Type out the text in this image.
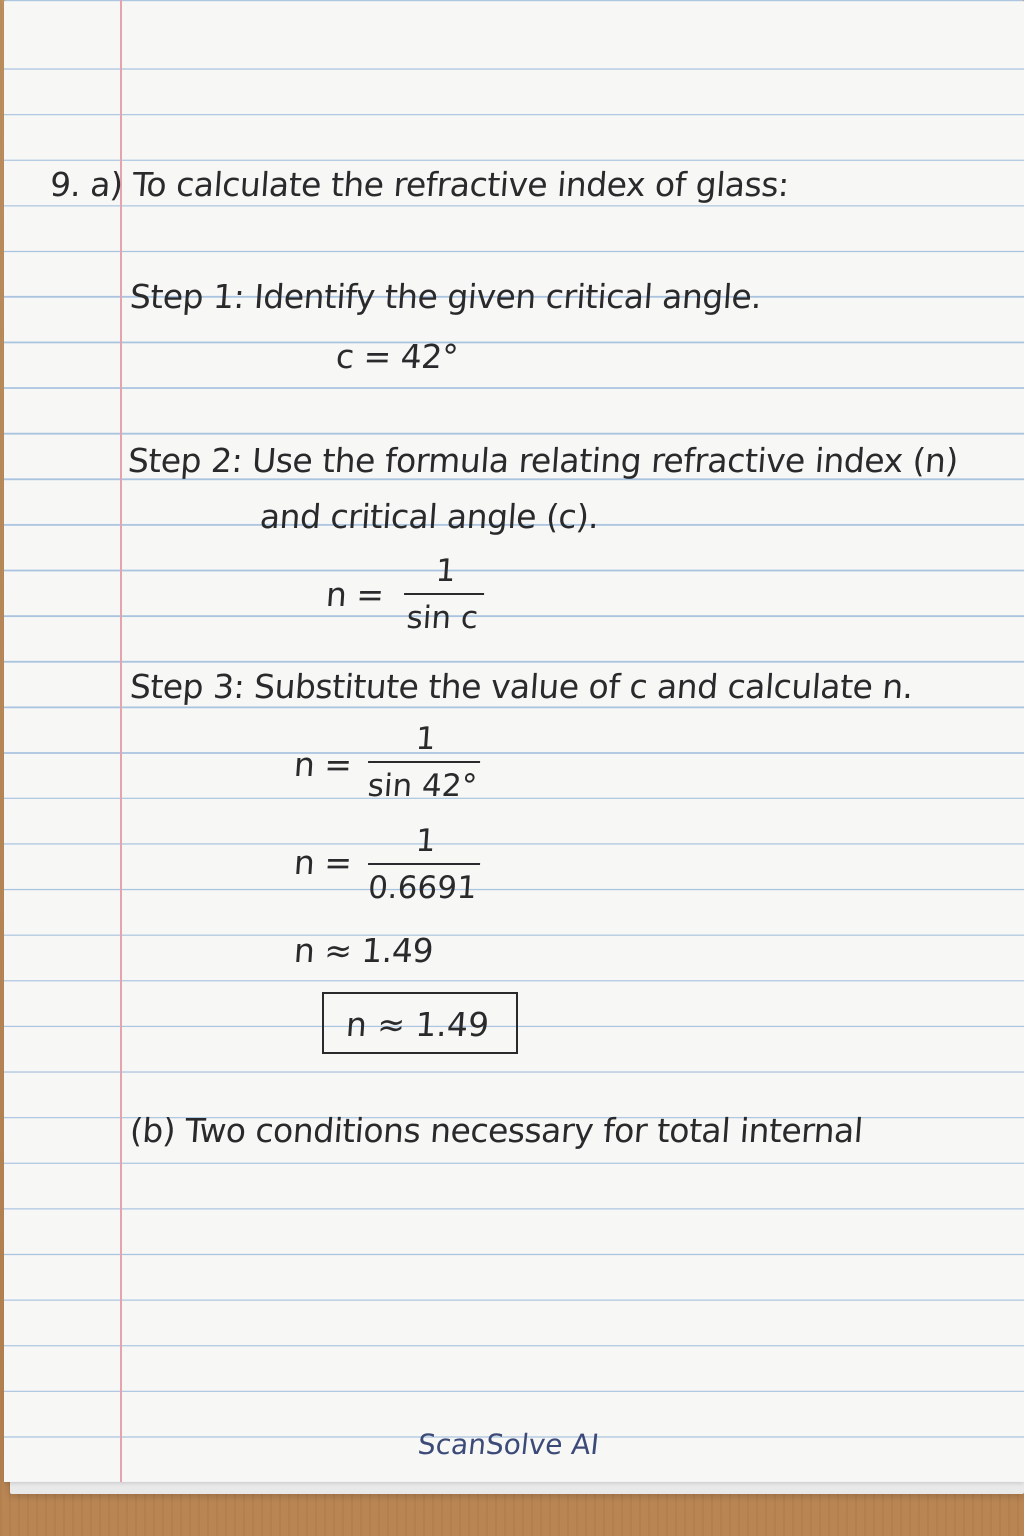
9. a) To calculate the refractive index of glass:
Step 1: Identify the given critical angle.
c = 42°
Step 2: Use the formula relating refractive index (n)
and critical angle (c).
n =
1
sin c
Step 3: Substitute the value of c and calculate n.
n =
1
sin 42°
n =
1
0.6691
n ≈ 1.49
n ≈ 1.49
(b) Two conditions necessary for total internal
ScanSolve AI
